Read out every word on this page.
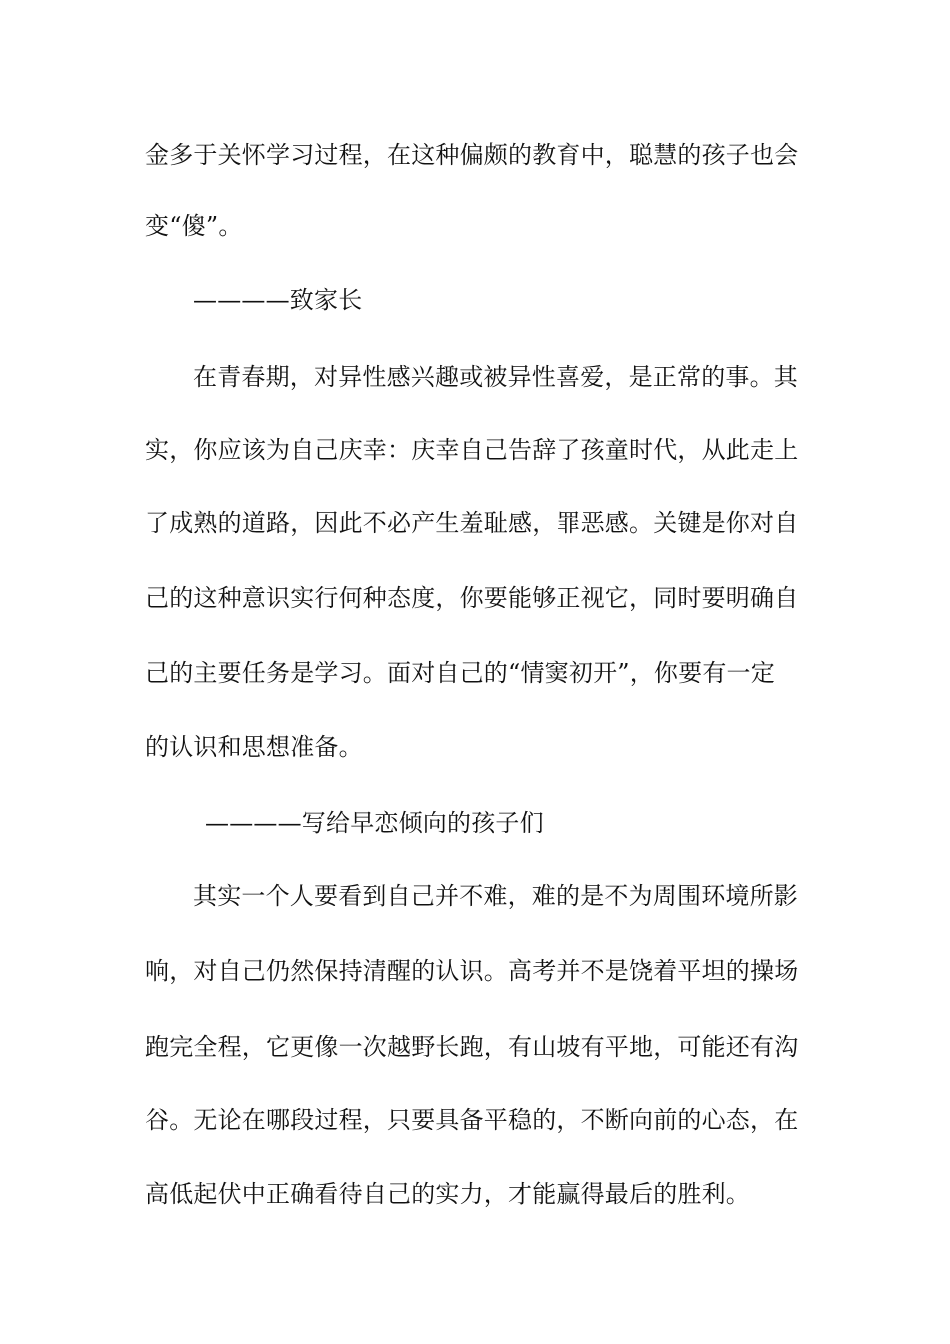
金多于关怀学习过程，在这种偏颇的教育中，聪慧的孩子也会
变“傻”。
————致家长
在青春期，对异性感兴趣或被异性喜爱，是正常的事。其
实，你应该为自己庆幸：庆幸自己告辞了孩童时代，从此走上
了成熟的道路，因此不必产生羞耻感，罪恶感。关键是你对自
己的这种意识实行何种态度，你要能够正视它，同时要明确自
己的主要任务是学习。面对自己的“情窦初开”，你要有一定
的认识和思想准备。
————写给早恋倾向的孩子们
其实一个人要看到自己并不难，难的是不为周围环境所影
响，对自己仍然保持清醒的认识。高考并不是饶着平坦的操场
跑完全程，它更像一次越野长跑，有山坡有平地，可能还有沟
谷。无论在哪段过程，只要具备平稳的，不断向前的心态，在
高低起伏中正确看待自己的实力，才能赢得最后的胜利。
